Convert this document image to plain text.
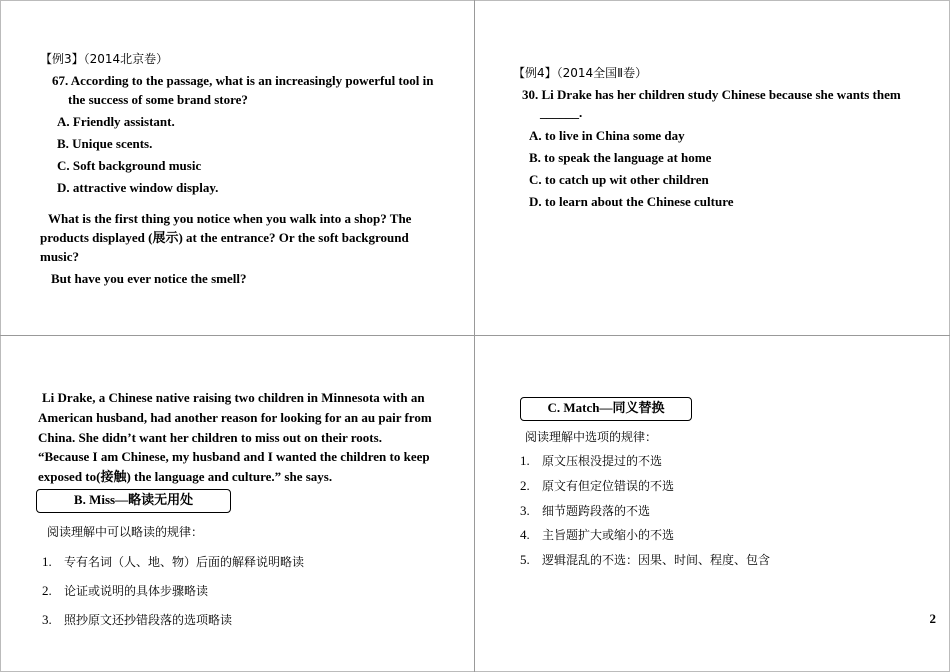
【例3】（2014北京卷）
67. According to the passage, what is an increasingly powerful tool in
the success of some brand store?
A. Friendly assistant.
B. Unique scents.
C. Soft background music
D. attractive window display.
What is the first thing you notice when you walk into a shop? The
products displayed (展示) at the entrance? Or the soft background
music?
But have you ever notice the smell?
【例4】（2014全国Ⅱ卷）
30. Li Drake has her children study Chinese because she wants them
______.
A. to live in China some day
B. to speak the language at home
C. to catch up wit other children
D. to learn about the Chinese culture
Li Drake, a Chinese native raising two children in Minnesota with an
American husband, had another reason for looking for an au pair from
China. She didn’t want her children to miss out on their roots.
“Because I am Chinese, my husband and I wanted the children to keep
exposed to(接触) the language and culture.” she says.
B. Miss—略读无用处
阅读理解中可以略读的规律：
1. 专有名词（人、地、物）后面的解释说明略读
2. 论证或说明的具体步骤略读
3. 照抄原文还抄错段落的选项略读
C. Match—同义替换
阅读理解中选项的规律：
1. 原文压根没提过的不选
2. 原文有但定位错误的不选
3. 细节题跨段落的不选
4. 主旨题扩大或缩小的不选
5. 逻辑混乱的不选：因果、时间、程度、包含
2
